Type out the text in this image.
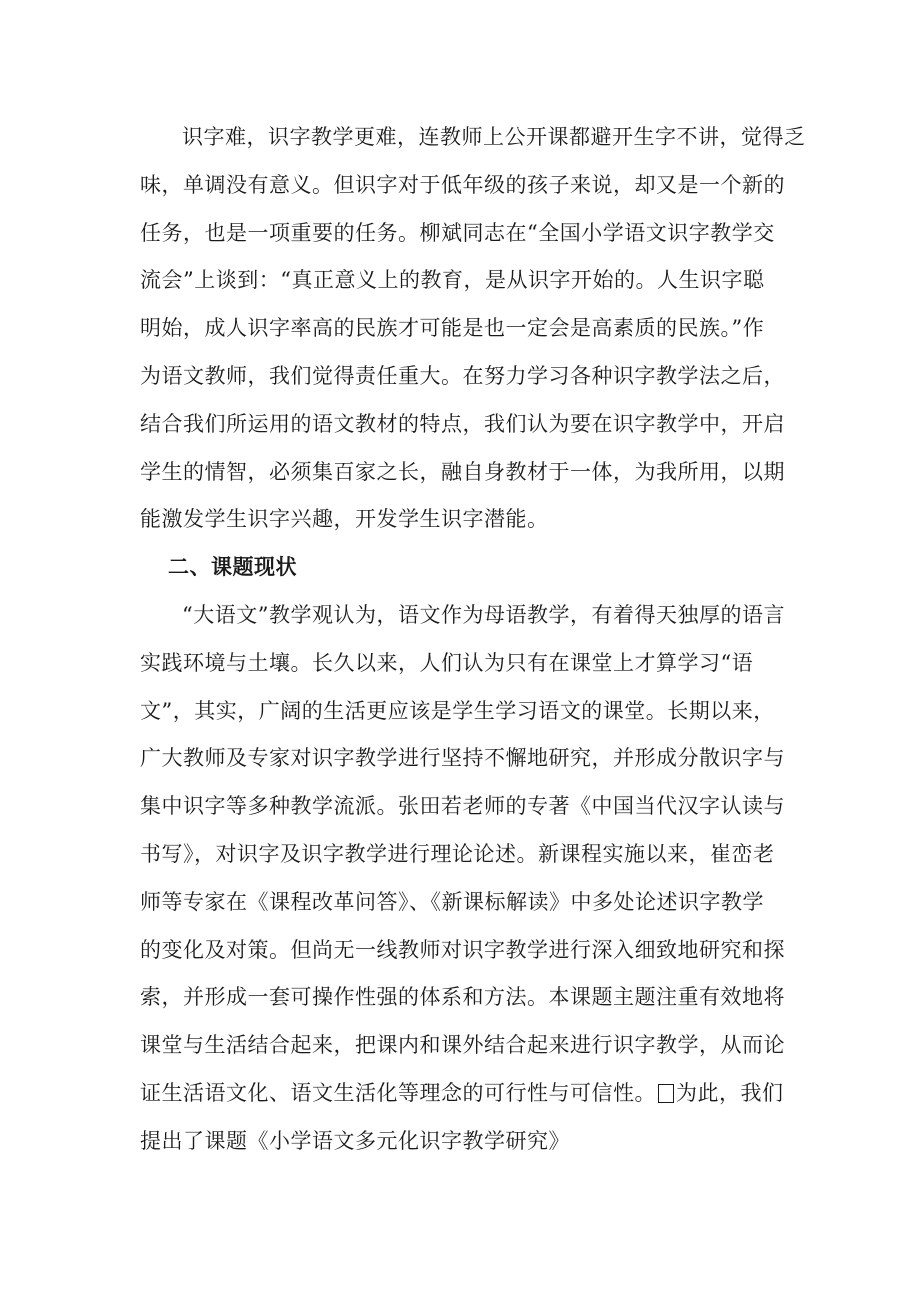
识字难，识字教学更难，连教师上公开课都避开生字不讲，觉得乏
味，单调没有意义。但识字对于低年级的孩子来说，却又是一个新的
任务，也是一项重要的任务。柳斌同志在“全国小学语文识字教学交
流会”上谈到：“真正意义上的教育，是从识字开始的。人生识字聪
明始，成人识字率高的民族才可能是也一定会是高素质的民族。”作
为语文教师，我们觉得责任重大。在努力学习各种识字教学法之后，
结合我们所运用的语文教材的特点，我们认为要在识字教学中，开启
学生的情智，必须集百家之长，融自身教材于一体，为我所用，以期
能激发学生识字兴趣，开发学生识字潜能。
二、课题现状
“大语文”教学观认为，语文作为母语教学，有着得天独厚的语言
实践环境与土壤。长久以来，人们认为只有在课堂上才算学习“语
文”，其实，广阔的生活更应该是学生学习语文的课堂。长期以来，
广大教师及专家对识字教学进行坚持不懈地研究，并形成分散识字与
集中识字等多种教学流派。张田若老师的专著《中国当代汉字认读与
书写》，对识字及识字教学进行理论论述。新课程实施以来，崔峦老
师等专家在《课程改革问答》、《新课标解读》中多处论述识字教学
的变化及对策。但尚无一线教师对识字教学进行深入细致地研究和探
索，并形成一套可操作性强的体系和方法。本课题主题注重有效地将
课堂与生活结合起来，把课内和课外结合起来进行识字教学，从而论
证生活语文化、语文生活化等理念的可行性与可信性。 为此，我们
提出了课题《小学语文多元化识字教学研究》
